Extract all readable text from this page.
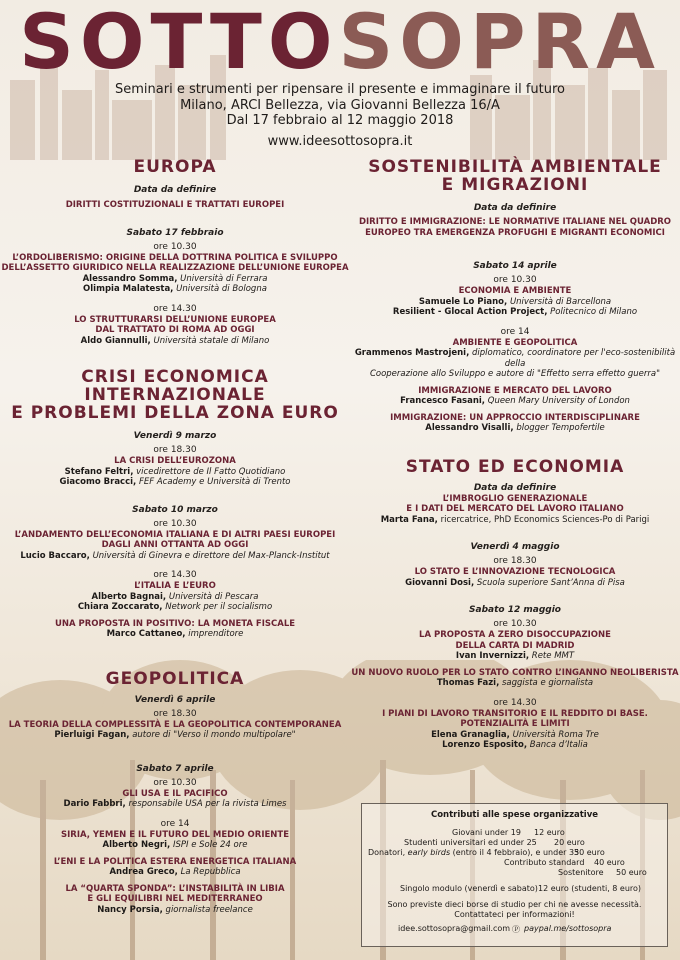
SOTTOSOPRA
Seminari e strumenti per ripensare il presente e immaginare il futuro
Milano, ARCI Bellezza, via Giovanni Bellezza 16/A
Dal 17 febbraio al 12 maggio 2018
www.ideesottosopra.it
EUROPA
Data da definire
DIRITTI COSTITUZIONALI E TRATTATI EUROPEI
Sabato 17 febbraio
ore 10.30
L’ORDOLIBERISMO: ORIGINE DELLA DOTTRINA POLITICA E SVILUPPO
DELL’ASSETTO GIURIDICO NELLA REALIZZAZIONE DELL’UNIONE EUROPEA
Alessandro Somma, Università di Ferrara
Olimpia Malatesta, Università di Bologna
ore 14.30
LO STRUTTURARSI DELL’UNIONE EUROPEA
DAL TRATTATO DI ROMA AD OGGI
Aldo Giannulli, Università statale di Milano
CRISI ECONOMICA INTERNAZIONALE
E PROBLEMI DELLA ZONA EURO
Venerdì 9 marzo
ore 18.30
LA CRISI DELL’EUROZONA
Stefano Feltri, vicedirettore de Il Fatto Quotidiano
Giacomo Bracci, FEF Academy e Università di Trento
Sabato 10 marzo
ore 10.30
L’ANDAMENTO DELL’ECONOMIA ITALIANA E DI ALTRI PAESI EUROPEI
DAGLI ANNI OTTANTA AD OGGI
Lucio Baccaro, Università di Ginevra e direttore del Max-Planck-Institut
ore 14.30
L’ITALIA E L’EURO
Alberto Bagnai, Università di Pescara
Chiara Zoccarato, Network per il socialismo
UNA PROPOSTA IN POSITIVO: LA MONETA FISCALE
Marco Cattaneo, imprenditore
GEOPOLITICA
Venerdì 6 aprile
ore 18.30
LA TEORIA DELLA COMPLESSITÀ E LA GEOPOLITICA CONTEMPORANEA
Pierluigi Fagan, autore di "Verso il mondo multipolare"
Sabato 7 aprile
ore 10.30
GLI USA E IL PACIFICO
Dario Fabbri, responsabile USA per la rivista Limes
ore 14
SIRIA, YEMEN E IL FUTURO DEL MEDIO ORIENTE
Alberto Negri, ISPI e Sole 24 ore
L’ENI E LA POLITICA ESTERA ENERGETICA ITALIANA
Andrea Greco, La Repubblica
LA “QUARTA SPONDA”: L’INSTABILITÀ IN LIBIA
E GLI EQUILIBRI NEL MEDITERRANEO
Nancy Porsia, giornalista freelance
SOSTENIBILITÀ AMBIENTALE
E MIGRAZIONI
Data da definire
DIRITTO E IMMIGRAZIONE: LE NORMATIVE ITALIANE NEL QUADRO
EUROPEO TRA EMERGENZA PROFUGHI E MIGRANTI ECONOMICI
Sabato 14 aprile
ore 10.30
ECONOMIA E AMBIENTE
Samuele Lo Piano, Università di Barcellona
Resilient - Glocal Action Project, Politecnico di Milano
ore 14
AMBIENTE E GEOPOLITICA
Grammenos Mastrojeni, diplomatico, coordinatore per l'eco-sostenibilità della
Cooperazione allo Sviluppo e autore di "Effetto serra effetto guerra"
IMMIGRAZIONE E MERCATO DEL LAVORO
Francesco Fasani, Queen Mary University of London
IMMIGRAZIONE: UN APPROCCIO INTERDISCIPLINARE
Alessandro Visalli, blogger Tempofertile
STATO ED ECONOMIA
Data da definire
L’IMBROGLIO GENERAZIONALE
E I DATI DEL MERCATO DEL LAVORO ITALIANO
Marta Fana, ricercatrice, PhD Economics Sciences-Po di Parigi
Venerdì 4 maggio
ore 18.30
LO STATO E L’INNOVAZIONE TECNOLOGICA
Giovanni Dosi, Scuola superiore Sant’Anna di Pisa
Sabato 12 maggio
ore 10.30
LA PROPOSTA A ZERO DISOCCUPAZIONE
DELLA CARTA DI MADRID
Ivan Invernizzi, Rete MMT
UN NUOVO RUOLO PER LO STATO CONTRO L’INGANNO NEOLIBERISTA
Thomas Fazi, saggista e giornalista
ore 14.30
I PIANI DI LAVORO TRANSITORIO E IL REDDITO DI BASE.
POTENZIALITÀ E LIMITI
Elena Granaglia, Università Roma Tre
Lorenzo Esposito, Banca d’Italia
Contributi alle spese organizzative
Giovani under 19 12 euro
Studenti universitari ed under 25 20 euro
Donatori, early birds (entro il 4 febbraio), e under 35
30 euro
Contributo standard 40 euro
Sostenitore 50 euro
Singolo modulo (venerdì e sabato) 12 euro (studenti, 8 euro)
Sono previste dieci borse di studio per chi ne avesse necessità.
Contattateci per informazioni!
idee.sottosopra@gmail.com Ⓟ paypal.me/sottosopra
